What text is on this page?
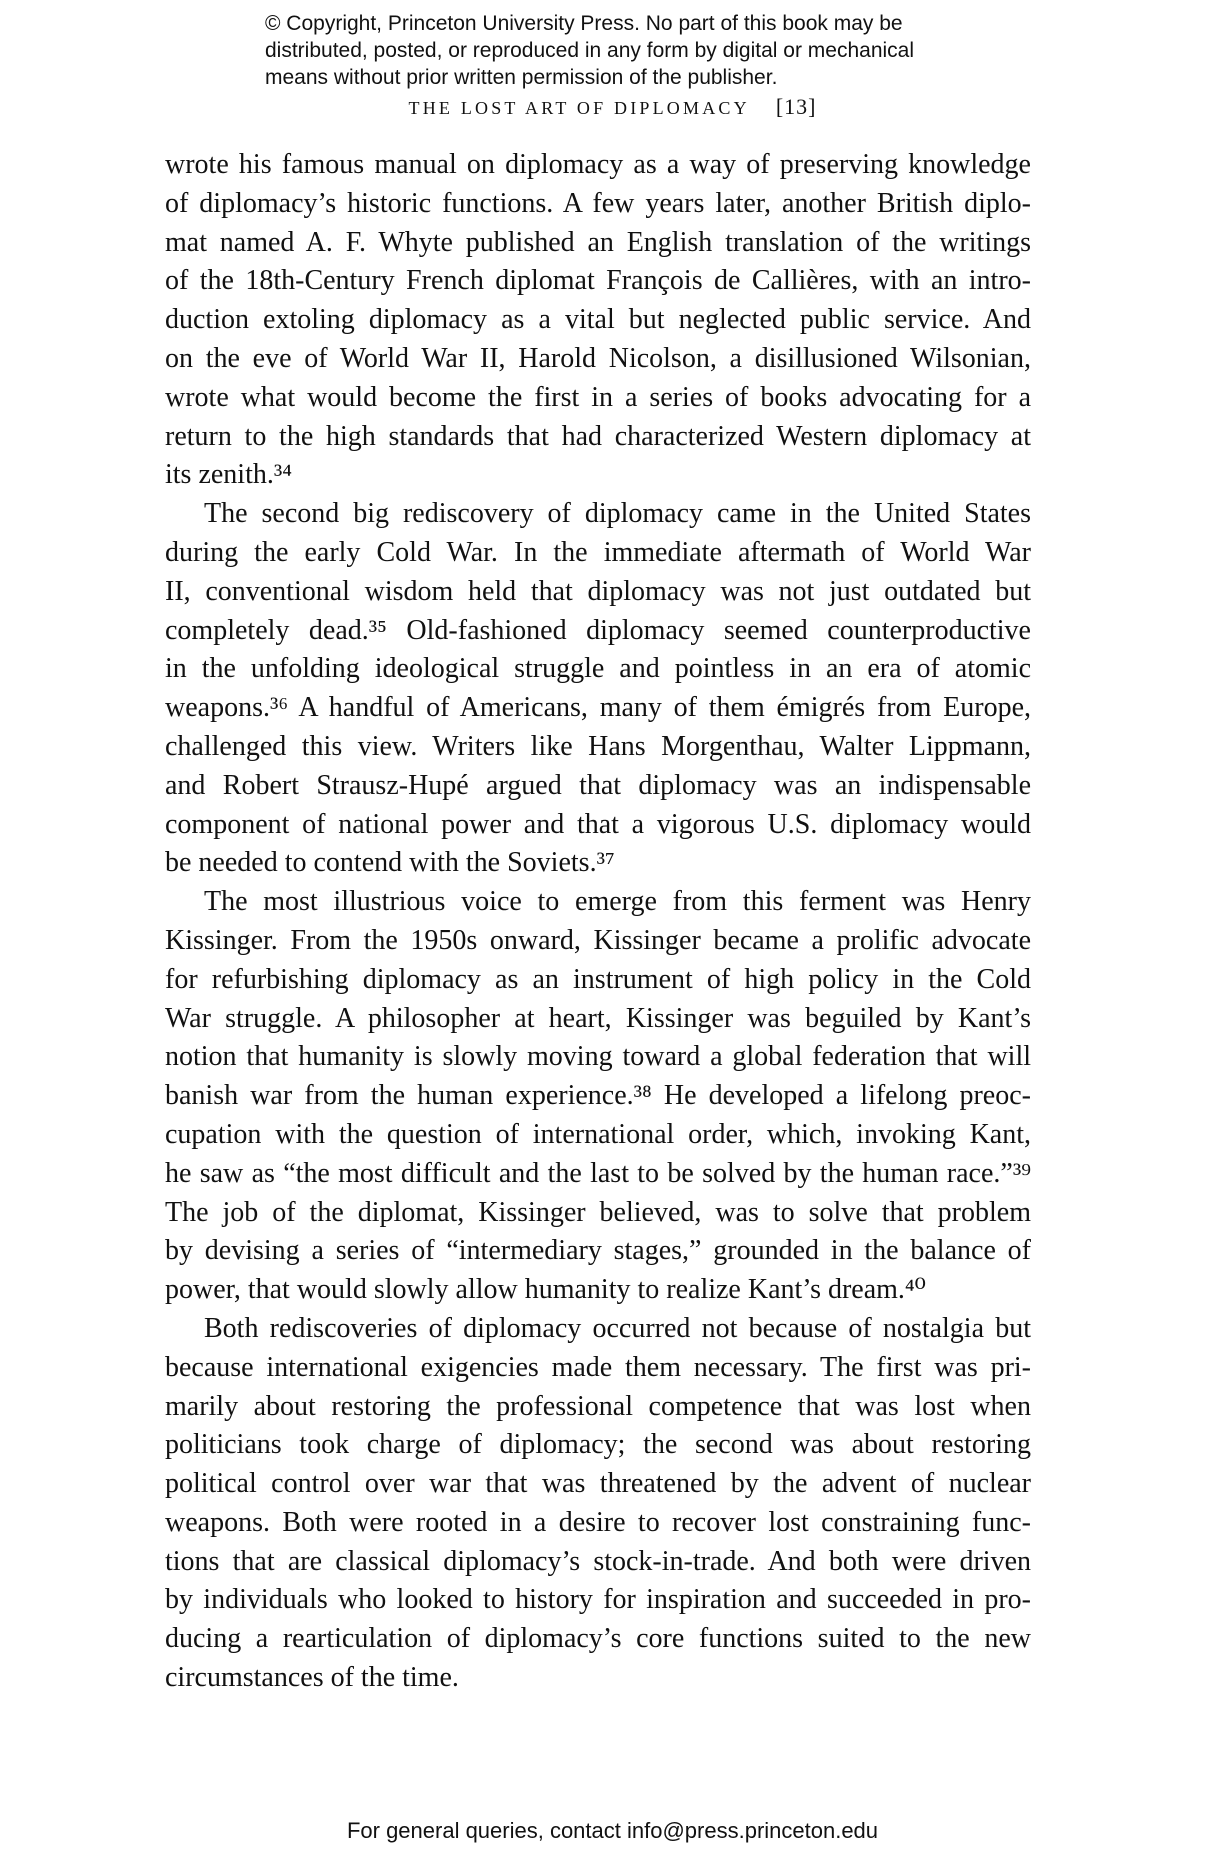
© Copyright, Princeton University Press. No part of this book may be
distributed, posted, or reproduced in any form by digital or mechanical
means without prior written permission of the publisher.
THE LOST ART OF DIPLOMACY [13]
wrote his famous manual on diplomacy as a way of preserving knowledge
of diplomacy’s historic functions. A few years later, another British diplo-
mat named A. F. Whyte published an English translation of the writings
of the 18th-Century French diplomat François de Callières, with an intro-
duction extoling diplomacy as a vital but neglected public service. And
on the eve of World War II, Harold Nicolson, a disillusioned Wilsonian,
wrote what would become the first in a series of books advocating for a
return to the high standards that had characterized Western diplomacy at
its zenith.³⁴
The second big rediscovery of diplomacy came in the United States
during the early Cold War. In the immediate aftermath of World War
II, conventional wisdom held that diplomacy was not just outdated but
completely dead.³⁵ Old-fashioned diplomacy seemed counterproductive
in the unfolding ideological struggle and pointless in an era of atomic
weapons.³⁶ A handful of Americans, many of them émigrés from Europe,
challenged this view. Writers like Hans Morgenthau, Walter Lippmann,
and Robert Strausz-Hupé argued that diplomacy was an indispensable
component of national power and that a vigorous U.S. diplomacy would
be needed to contend with the Soviets.³⁷
The most illustrious voice to emerge from this ferment was Henry
Kissinger. From the 1950s onward, Kissinger became a prolific advocate
for refurbishing diplomacy as an instrument of high policy in the Cold
War struggle. A philosopher at heart, Kissinger was beguiled by Kant’s
notion that humanity is slowly moving toward a global federation that will
banish war from the human experience.³⁸ He developed a lifelong preoc-
cupation with the question of international order, which, invoking Kant,
he saw as “the most difficult and the last to be solved by the human race.”³⁹
The job of the diplomat, Kissinger believed, was to solve that problem
by devising a series of “intermediary stages,” grounded in the balance of
power, that would slowly allow humanity to realize Kant’s dream.⁴⁰
Both rediscoveries of diplomacy occurred not because of nostalgia but
because international exigencies made them necessary. The first was pri-
marily about restoring the professional competence that was lost when
politicians took charge of diplomacy; the second was about restoring
political control over war that was threatened by the advent of nuclear
weapons. Both were rooted in a desire to recover lost constraining func-
tions that are classical diplomacy’s stock-in-trade. And both were driven
by individuals who looked to history for inspiration and succeeded in pro-
ducing a rearticulation of diplomacy’s core functions suited to the new
circumstances of the time.
For general queries, contact info@press.princeton.edu
